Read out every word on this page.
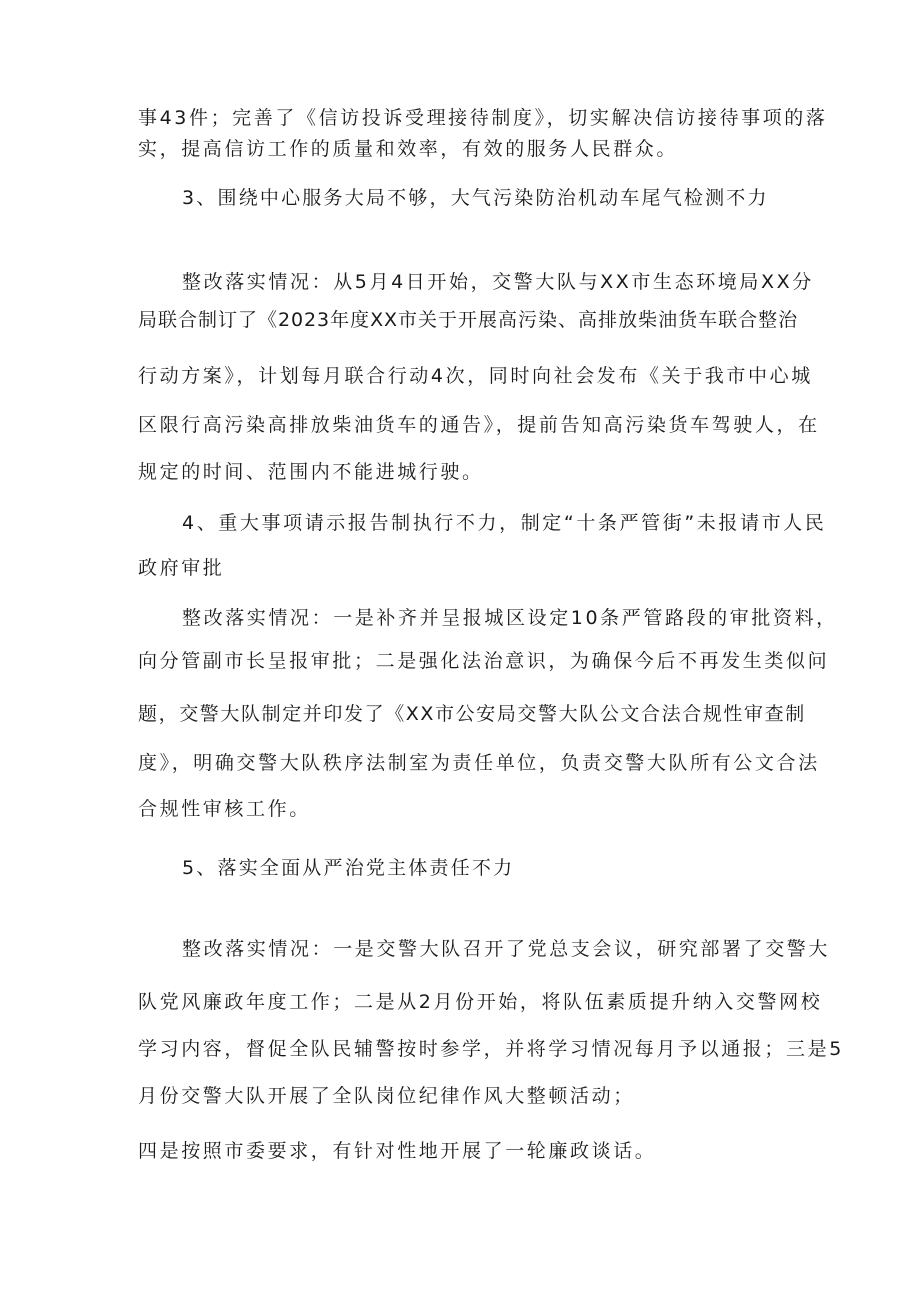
事43件；完善了《信访投诉受理接待制度》，切实解决信访接待事项的落
实，提高信访工作的质量和效率，有效的服务人民群众。
3、围绕中心服务大局不够，大气污染防治机动车尾气检测不力
整改落实情况：从5月4日开始，交警大队与XX市生态环境局XX分
局联合制订了《2023年度XX市关于开展高污染、高排放柴油货车联合整治
行动方案》，计划每月联合行动4次，同时向社会发布《关于我市中心城
区限行高污染高排放柴油货车的通告》，提前告知高污染货车驾驶人，在
规定的时间、范围内不能进城行驶。
4、重大事项请示报告制执行不力，制定“十条严管街”未报请市人民
政府审批
整改落实情况：一是补齐并呈报城区设定10条严管路段的审批资料，
向分管副市长呈报审批；二是强化法治意识，为确保今后不再发生类似问
题，交警大队制定并印发了《XX市公安局交警大队公文合法合规性审查制
度》，明确交警大队秩序法制室为责任单位，负责交警大队所有公文合法
合规性审核工作。
5、落实全面从严治党主体责任不力
整改落实情况：一是交警大队召开了党总支会议，研究部署了交警大
队党风廉政年度工作；二是从2月份开始，将队伍素质提升纳入交警网校
学习内容，督促全队民辅警按时参学，并将学习情况每月予以通报；三是5
月份交警大队开展了全队岗位纪律作风大整顿活动；
四是按照市委要求，有针对性地开展了一轮廉政谈话。
